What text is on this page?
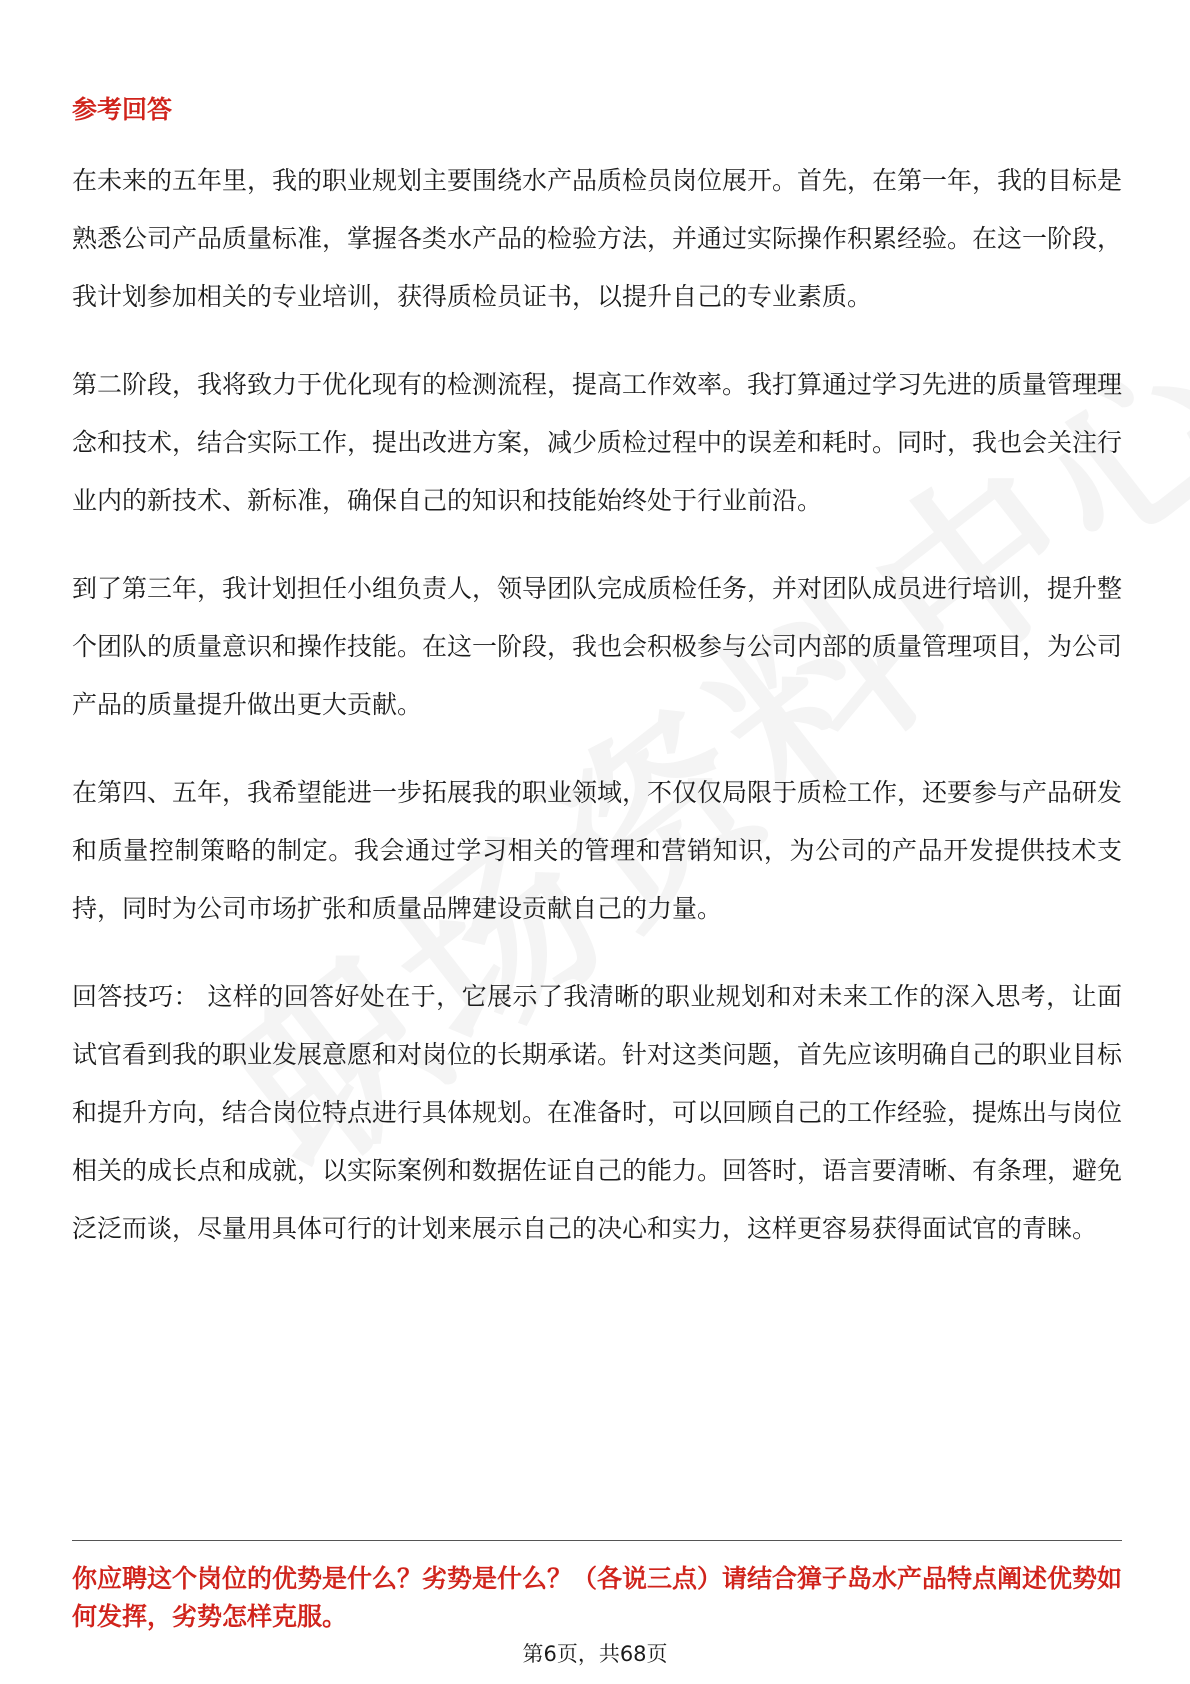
参考回答

在未来的五年里，我的职业规划主要围绕水产品质检员岗位展开。首先，在第一年，我的目标是熟悉公司产品质量标准，掌握各类水产品的检验方法，并通过实际操作积累经验。在这一阶段，我计划参加相关的专业培训，获得质检员证书，以提升自己的专业素质。

第二阶段，我将致力于优化现有的检测流程，提高工作效率。我打算通过学习先进的质量管理理念和技术，结合实际工作，提出改进方案，减少质检过程中的误差和耗时。同时，我也会关注行业内的新技术、新标准，确保自己的知识和技能始终处于行业前沿。

到了第三年，我计划担任小组负责人，领导团队完成质检任务，并对团队成员进行培训，提升整个团队的质量意识和操作技能。在这一阶段，我也会积极参与公司内部的质量管理项目，为公司产品的质量提升做出更大贡献。

在第四、五年，我希望能进一步拓展我的职业领域，不仅仅局限于质检工作，还要参与产品研发和质量控制策略的制定。我会通过学习相关的管理和营销知识，为公司的产品开发提供技术支持，同时为公司市场扩张和质量品牌建设贡献自己的力量。

回答技巧： 这样的回答好处在于，它展示了我清晰的职业规划和对未来工作的深入思考，让面试官看到我的职业发展意愿和对岗位的长期承诺。针对这类问题，首先应该明确自己的职业目标和提升方向，结合岗位特点进行具体规划。在准备时，可以回顾自己的工作经验，提炼出与岗位相关的成长点和成就，以实际案例和数据佐证自己的能力。回答时，语言要清晰、有条理，避免泛泛而谈，尽量用具体可行的计划来展示自己的决心和实力，这样更容易获得面试官的青睐。

你应聘这个岗位的优势是什么？劣势是什么？（各说三点）请结合獐子岛水产品特点阐述优势如何发挥，劣势怎样克服。
第6页，共68页
